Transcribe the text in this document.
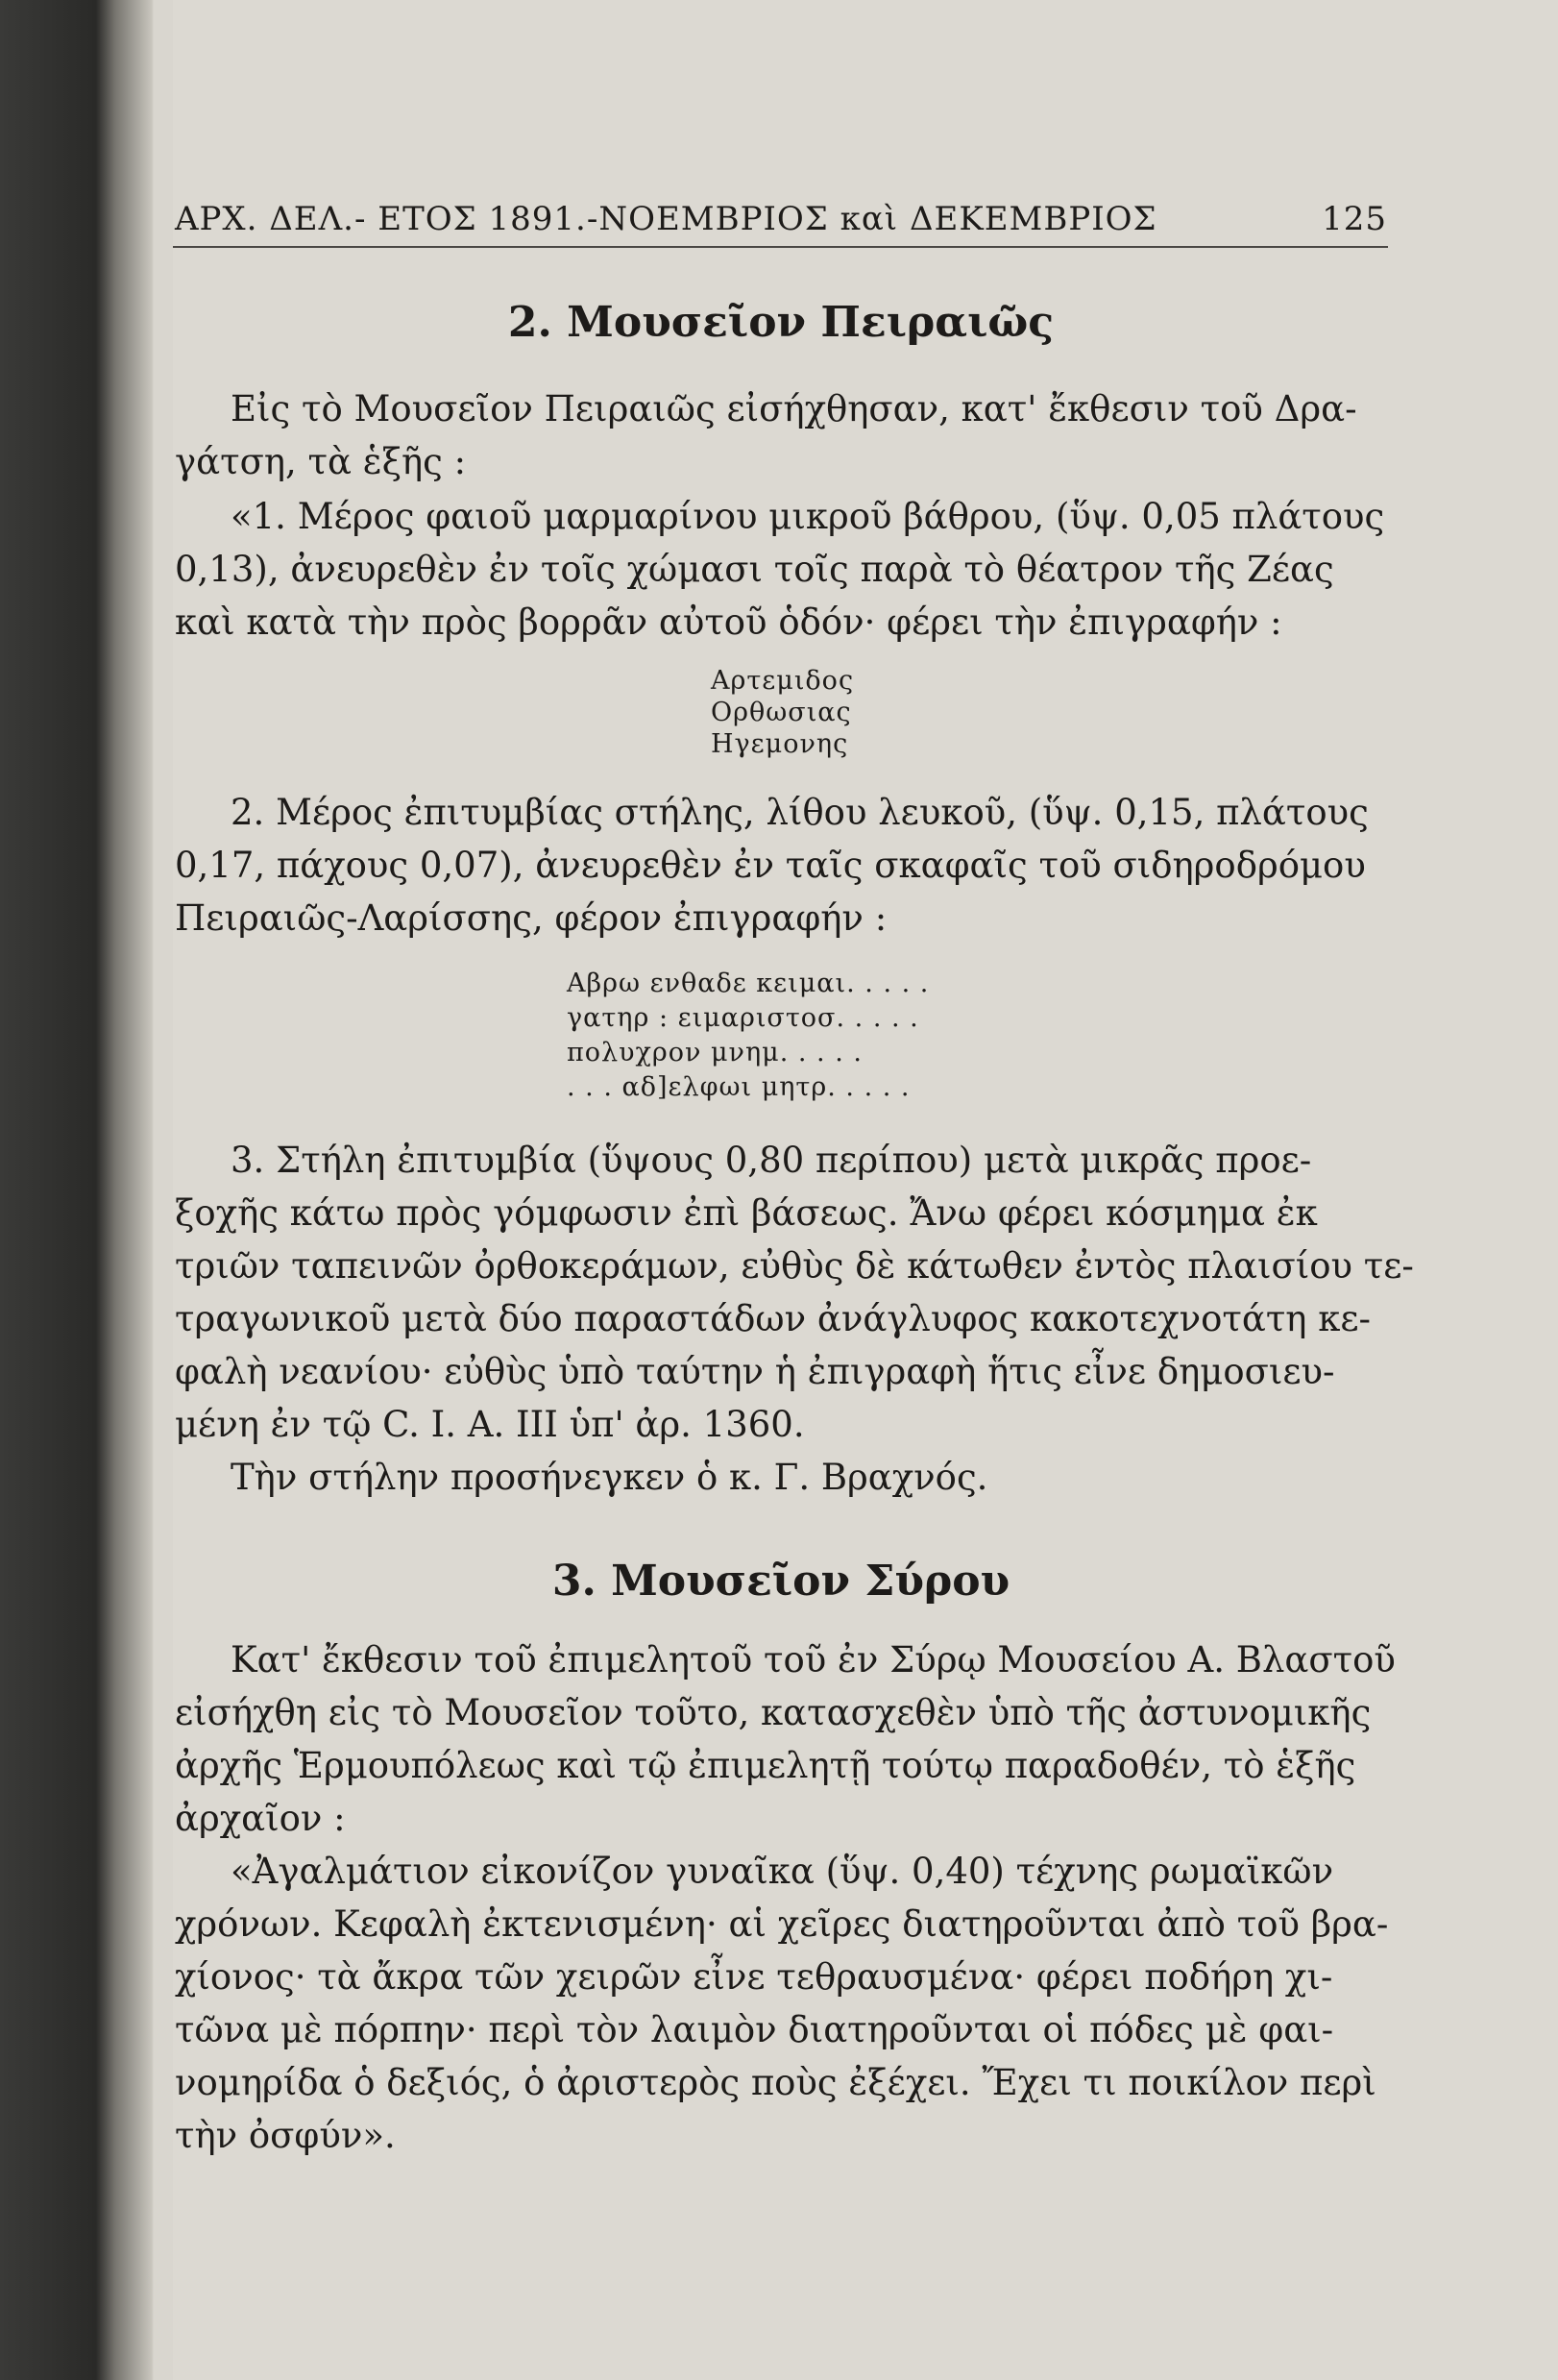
ΑΡΧ. ΔΕΛ.- ΕΤΟΣ 1891.-ΝΟΕΜΒΡΙΟΣ καὶ ΔΕΚΕΜΒΡΙΟΣ	125
2. Μουσεῖον Πειραιῶς
Εἰς τὸ Μουσεῖον Πειραιῶς εἰσήχθησαν, κατ' ἔκθεσιν τοῦ Δρα-
γάτση, τὰ ἑξῆς :
«1. Μέρος φαιοῦ μαρμαρίνου μικροῦ βάθρου, (ὕψ. 0,05 πλάτους
0,13), ἀνευρεθὲν ἐν τοῖς χώμασι τοῖς παρὰ τὸ θέατρον τῆς Ζέας
καὶ κατὰ τὴν πρὸς βορρᾶν αὐτοῦ ὁδόν· φέρει τὴν ἐπιγραφήν :
Αρτεμιδος
Ορθωσιας
Ηγεμονης
2. Μέρος ἐπιτυμβίας στήλης, λίθου λευκοῦ, (ὕψ. 0,15, πλάτους
0,17, πάχους 0,07), ἀνευρεθὲν ἐν ταῖς σκαφαῖς τοῦ σιδηροδρόμου
Πειραιῶς-Λαρίσσης, φέρον ἐπιγραφήν :
Αβρω ενθαδε κειμαι. . . . .
γατηρ : ειμαριστοσ. . . . .
πολυχρον μνημ. . . . .
. . . αδ]ελφωι μητρ. . . . .
3. Στήλη ἐπιτυμβία (ὕψους 0,80 περίπου) μετὰ μικρᾶς προε-
ξοχῆς κάτω πρὸς γόμφωσιν ἐπὶ βάσεως. Ἄνω φέρει κόσμημα ἐκ
τριῶν ταπεινῶν ὀρθοκεράμων, εὐθὺς δὲ κάτωθεν ἐντὸς πλαισίου τε-
τραγωνικοῦ μετὰ δύο παραστάδων ἀνάγλυφος κακοτεχνοτάτη κε-
φαλὴ νεανίου· εὐθὺς ὑπὸ ταύτην ἡ ἐπιγραφὴ ἥτις εἶνε δημοσιευ-
μένη ἐν τῷ C. I. A. III ὑπ' ἀρ. 1360.
Τὴν στήλην προσήνεγκεν ὁ κ. Γ. Βραχνός.
3. Μουσεῖον Σύρου
Κατ' ἔκθεσιν τοῦ ἐπιμελητοῦ τοῦ ἐν Σύρῳ Μουσείου Α. Βλαστοῦ
εἰσήχθη εἰς τὸ Μουσεῖον τοῦτο, κατασχεθὲν ὑπὸ τῆς ἀστυνομικῆς
ἀρχῆς Ἑρμουπόλεως καὶ τῷ ἐπιμελητῇ τούτῳ παραδοθέν, τὸ ἑξῆς
ἀρχαῖον :
«Ἀγαλμάτιον εἰκονίζον γυναῖκα (ὕψ. 0,40) τέχνης ρωμαϊκῶν
χρόνων. Κεφαλὴ ἐκτενισμένη· αἱ χεῖρες διατηροῦνται ἀπὸ τοῦ βρα-
χίονος· τὰ ἄκρα τῶν χειρῶν εἶνε τεθραυσμένα· φέρει ποδήρη χι-
τῶνα μὲ πόρπην· περὶ τὸν λαιμὸν διατηροῦνται οἱ πόδες μὲ φαι-
νομηρίδα ὁ δεξιός, ὁ ἀριστερὸς ποὺς ἐξέχει. Ἔχει τι ποικίλον περὶ
τὴν ὀσφύν».
